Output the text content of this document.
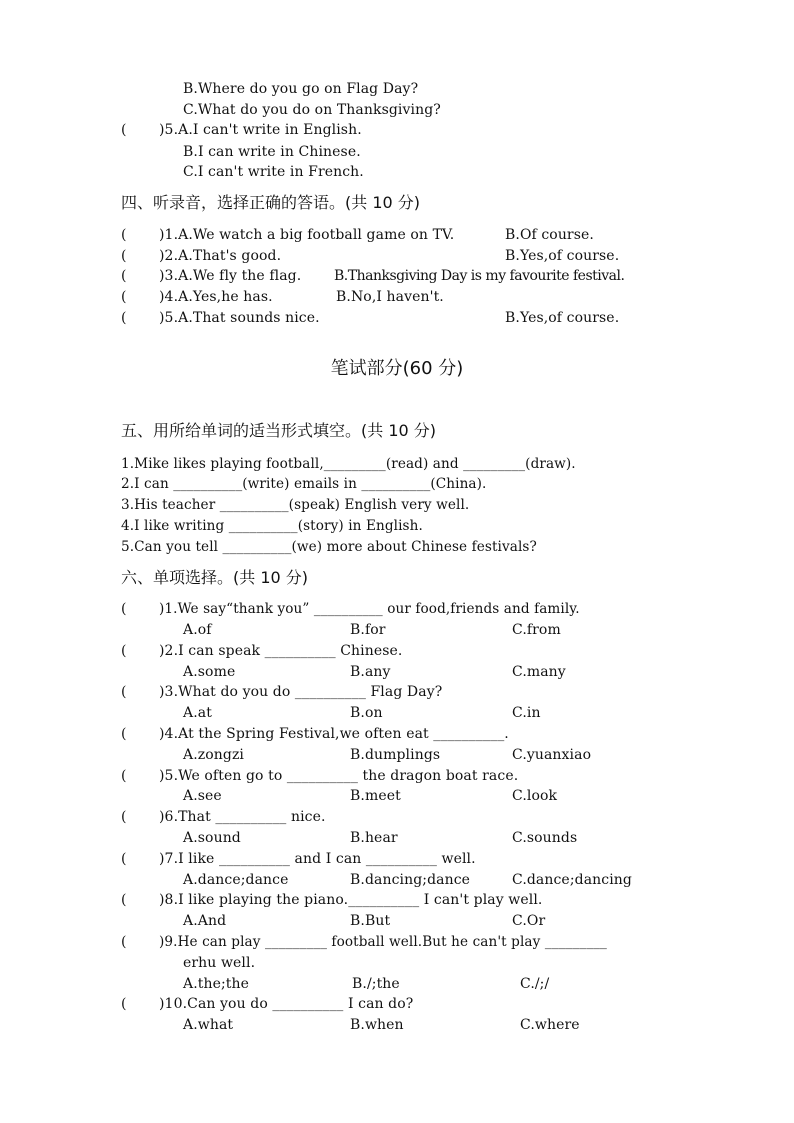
B.Where do you go on Flag Day?
C.What do you do on Thanksgiving?
( )5.A.I can't write in English.
B.I can write in Chinese.
C.I can't write in French.
四、听录音，选择正确的答语。(共 10 分)
( )1.A.We watch a big football game on TV.	B.Of course.
( )2.A.That's good.	B.Yes,of course.
( )3.A.We fly the flag. B.Thanksgiving Day is my favourite festival.
( )4.A.Yes,he has.	B.No,I haven't.
( )5.A.That sounds nice.	B.Yes,of course.
笔试部分(60 分)
五、用所给单词的适当形式填空。(共 10 分)
1.Mike likes playing football,_________(read) and _________(draw).
2.I can __________(write) emails in __________(China).
3.His teacher __________(speak) English very well.
4.I like writing __________(story) in English.
5.Can you tell __________(we) more about Chinese festivals?
六、单项选择。(共 10 分)
( )1.We say“thank you” __________ our food,friends and family.
A.of	B.for	C.from
( )2.I can speak __________ Chinese.
A.some	B.any	C.many
( )3.What do you do __________ Flag Day?
A.at	B.on	C.in
( )4.At the Spring Festival,we often eat __________.
A.zongzi	B.dumplings	C.yuanxiao
( )5.We often go to __________ the dragon boat race.
A.see	B.meet	C.look
( )6.That __________ nice.
A.sound	B.hear	C.sounds
( )7.I like __________ and I can __________ well.
A.dance;dance	B.dancing;dance	C.dance;dancing
( )8.I like playing the piano.__________ I can't play well.
A.And	B.But	C.Or
( )9.He can play _________ football well.But he can't play _________
erhu well.
A.the;the	B./;the	C./;/
( )10.Can you do __________ I can do?
A.what	B.when	C.where
